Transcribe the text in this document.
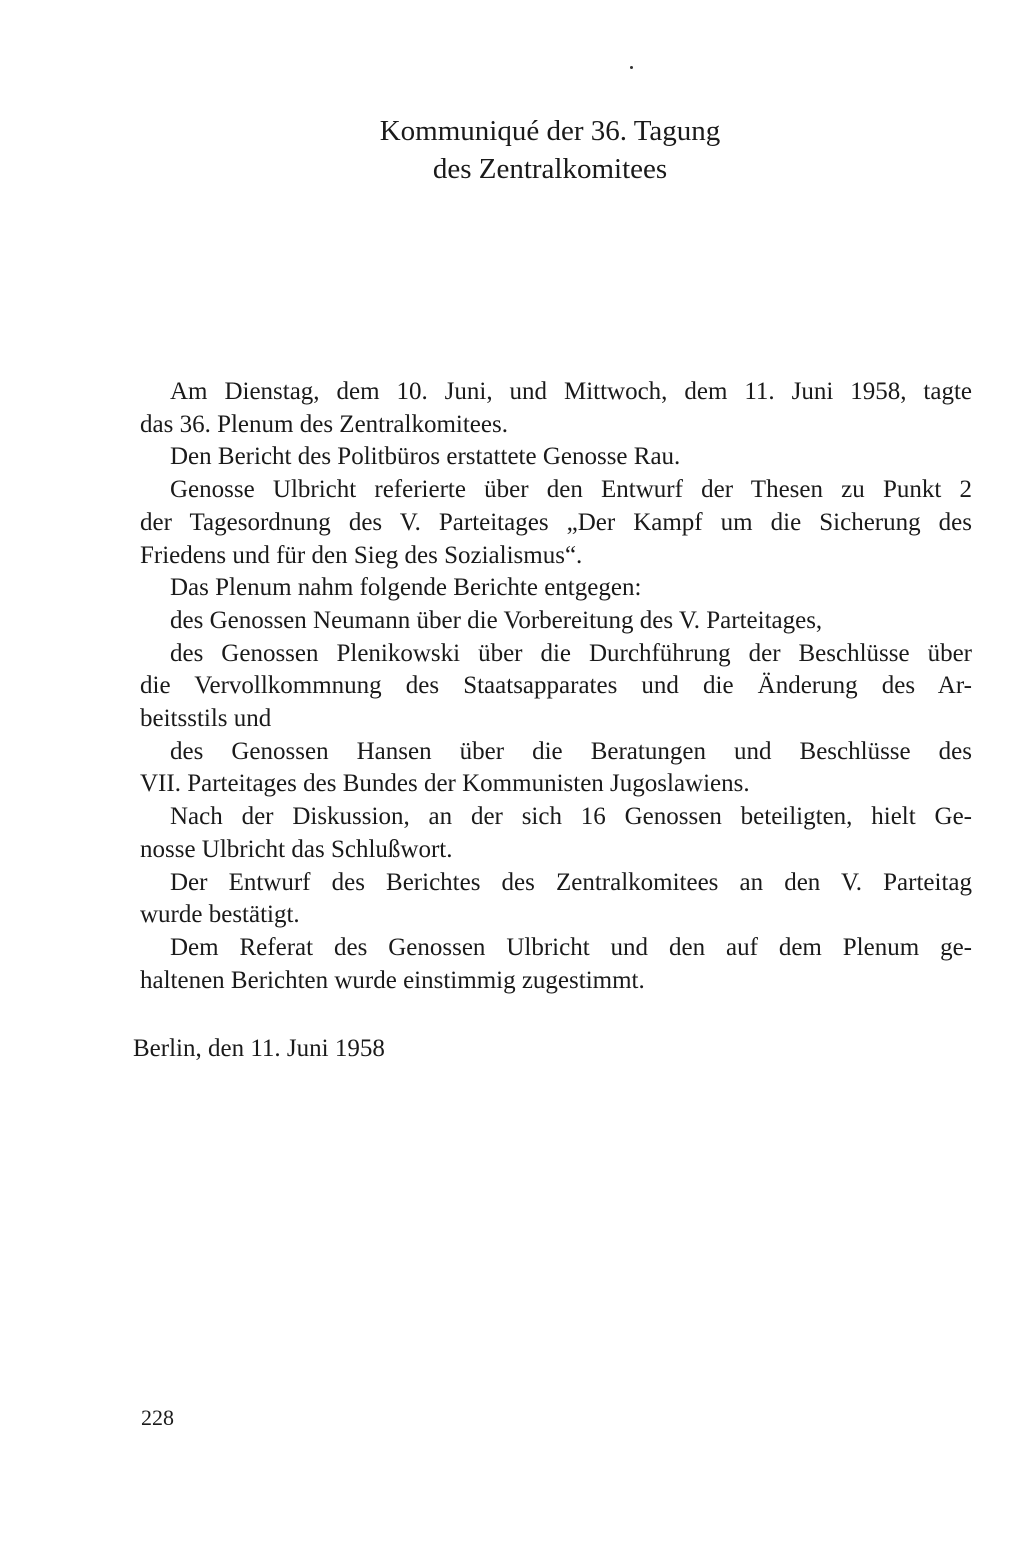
Kommuniqué der 36. Tagung
des Zentralkomitees
Am Dienstag, dem 10. Juni, und Mittwoch, dem 11. Juni 1958, tagte
das 36. Plenum des Zentralkomitees.
Den Bericht des Politbüros erstattete Genosse Rau.
Genosse Ulbricht referierte über den Entwurf der Thesen zu Punkt 2
der Tagesordnung des V. Parteitages „Der Kampf um die Sicherung des
Friedens und für den Sieg des Sozialismus“.
Das Plenum nahm folgende Berichte entgegen:
des Genossen Neumann über die Vorbereitung des V. Parteitages,
des Genossen Plenikowski über die Durchführung der Beschlüsse über
die Vervollkommnung des Staatsapparates und die Änderung des Ar-
beitsstils und
des Genossen Hansen über die Beratungen und Beschlüsse des
VII. Parteitages des Bundes der Kommunisten Jugoslawiens.
Nach der Diskussion, an der sich 16 Genossen beteiligten, hielt Ge-
nosse Ulbricht das Schlußwort.
Der Entwurf des Berichtes des Zentralkomitees an den V. Parteitag
wurde bestätigt.
Dem Referat des Genossen Ulbricht und den auf dem Plenum ge-
haltenen Berichten wurde einstimmig zugestimmt.
Berlin, den 11. Juni 1958
228
